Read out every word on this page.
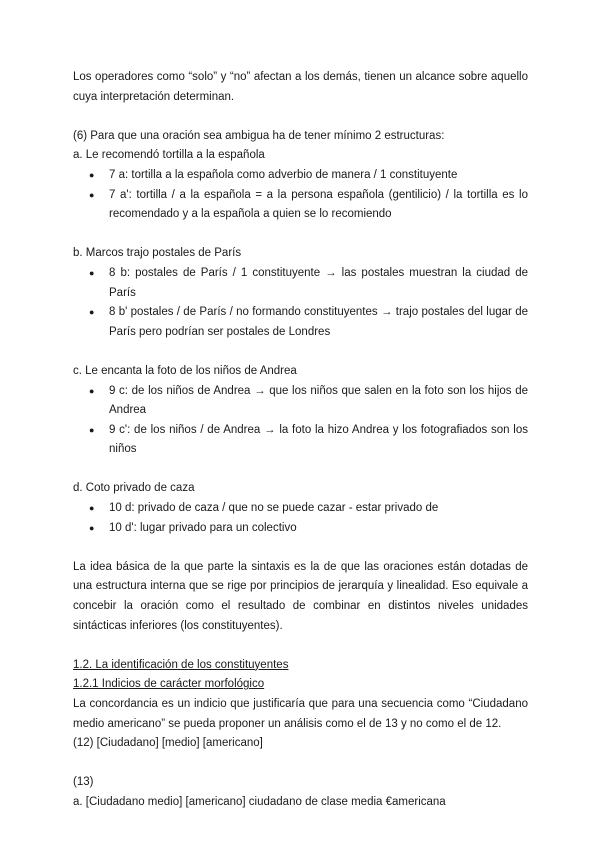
Los operadores como “solo” y “no” afectan a los demás, tienen un alcance sobre aquello cuya interpretación determinan.

(6) Para que una oración sea ambigua ha de tener mínimo 2 estructuras:

a. Le recomendó tortilla a la española

● 7 a: tortilla a la española como adverbio de manera / 1 constituyente
● 7 a': tortilla / a la española = a la persona española (gentilicio) / la tortilla es lo recomendado y a la española a quien se lo recomiendo

b. Marcos trajo postales de París

● 8 b: postales de París / 1 constituyente → las postales muestran la ciudad de París
● 8 b' postales / de París / no formando constituyentes → trajo postales del lugar de París pero podrían ser postales de Londres

c. Le encanta la foto de los niños de Andrea

● 9 c: de los niños de Andrea → que los niños que salen en la foto son los hijos de Andrea
● 9 c': de los niños / de Andrea → la foto la hizo Andrea y los fotografiados son los niños

d. Coto privado de caza

● 10 d: privado de caza / que no se puede cazar - estar privado de
● 10 d': lugar privado para un colectivo

La idea básica de la que parte la sintaxis es la de que las oraciones están dotadas de una estructura interna que se rige por principios de jerarquía y linealidad. Eso equivale a concebir la oración como el resultado de combinar en distintos niveles unidades sintácticas inferiores (los constituyentes).

1.2. La identificación de los constituyentes

1.2.1 Indicios de carácter morfológico

La concordancia es un indicio que justificaría que para una secuencia como “Ciudadano medio americano” se pueda proponer un análisis como el de 13 y no como el de 12.

(12) [Ciudadano] [medio] [americano]

(13)

a. [Ciudadano medio] [americano] ciudadano de clase media €americana
